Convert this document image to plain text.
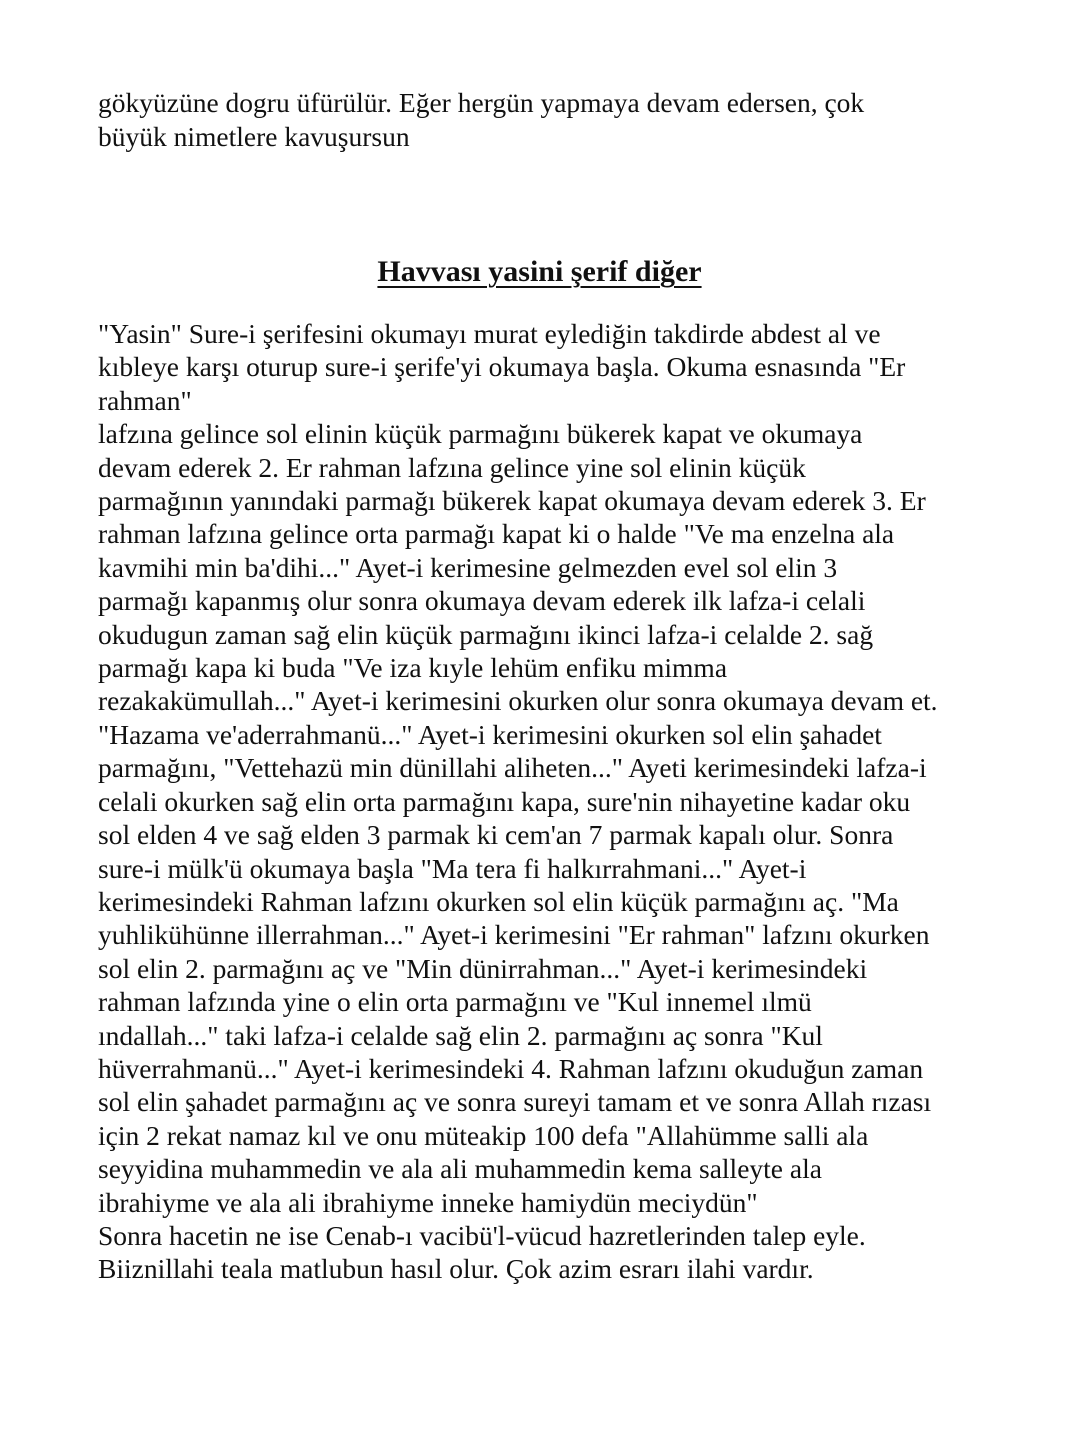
gökyüzüne dogru üfürülür. Eğer hergün yapmaya devam edersen, çok
büyük nimetlere kavuşursun

Havvası yasini şerif diğer

"Yasin" Sure-i şerifesini okumayı murat eylediğin takdirde abdest al ve
kıbleye karşı oturup sure-i şerife'yi okumaya başla. Okuma esnasında "Er
rahman"
lafzına gelince sol elinin küçük parmağını bükerek kapat ve okumaya
devam ederek 2. Er rahman lafzına gelince yine sol elinin küçük
parmağının yanındaki parmağı bükerek kapat okumaya devam ederek 3. Er
rahman lafzına gelince orta parmağı kapat ki o halde "Ve ma enzelna ala
kavmihi min ba'dihi..." Ayet-i kerimesine gelmezden evel sol elin 3
parmağı kapanmış olur sonra okumaya devam ederek ilk lafza-i celali
okudugun zaman sağ elin küçük parmağını ikinci lafza-i celalde 2. sağ
parmağı kapa ki buda "Ve iza kıyle lehüm enfiku mimma
rezakakümullah..." Ayet-i kerimesini okurken olur sonra okumaya devam et.
"Hazama ve'aderrahmanü..." Ayet-i kerimesini okurken sol elin şahadet
parmağını, "Vettehazü min dünillahi aliheten..." Ayeti kerimesindeki lafza-i
celali okurken sağ elin orta parmağını kapa, sure'nin nihayetine kadar oku
sol elden 4 ve sağ elden 3 parmak ki cem'an 7 parmak kapalı olur. Sonra
sure-i mülk'ü okumaya başla "Ma tera fi halkırrahmani..." Ayet-i
kerimesindeki Rahman lafzını okurken sol elin küçük parmağını aç. "Ma
yuhlikühünne illerrahman..." Ayet-i kerimesini "Er rahman" lafzını okurken
sol elin 2. parmağını aç ve "Min dünirrahman..." Ayet-i kerimesindeki
rahman lafzında yine o elin orta parmağını ve "Kul innemel ılmü
ındallah..." taki lafza-i celalde sağ elin 2. parmağını aç sonra "Kul
hüverrahmanü..." Ayet-i kerimesindeki 4. Rahman lafzını okuduğun zaman
sol elin şahadet parmağını aç ve sonra sureyi tamam et ve sonra Allah rızası
için 2 rekat namaz kıl ve onu müteakip 100 defa "Allahümme salli ala
seyyidina muhammedin ve ala ali muhammedin kema salleyte ala
ibrahiyme ve ala ali ibrahiyme inneke hamiydün meciydün"
Sonra hacetin ne ise Cenab-ı vacibü'l-vücud hazretlerinden talep eyle.
Biiznillahi teala matlubun hasıl olur. Çok azim esrarı ilahi vardır.
